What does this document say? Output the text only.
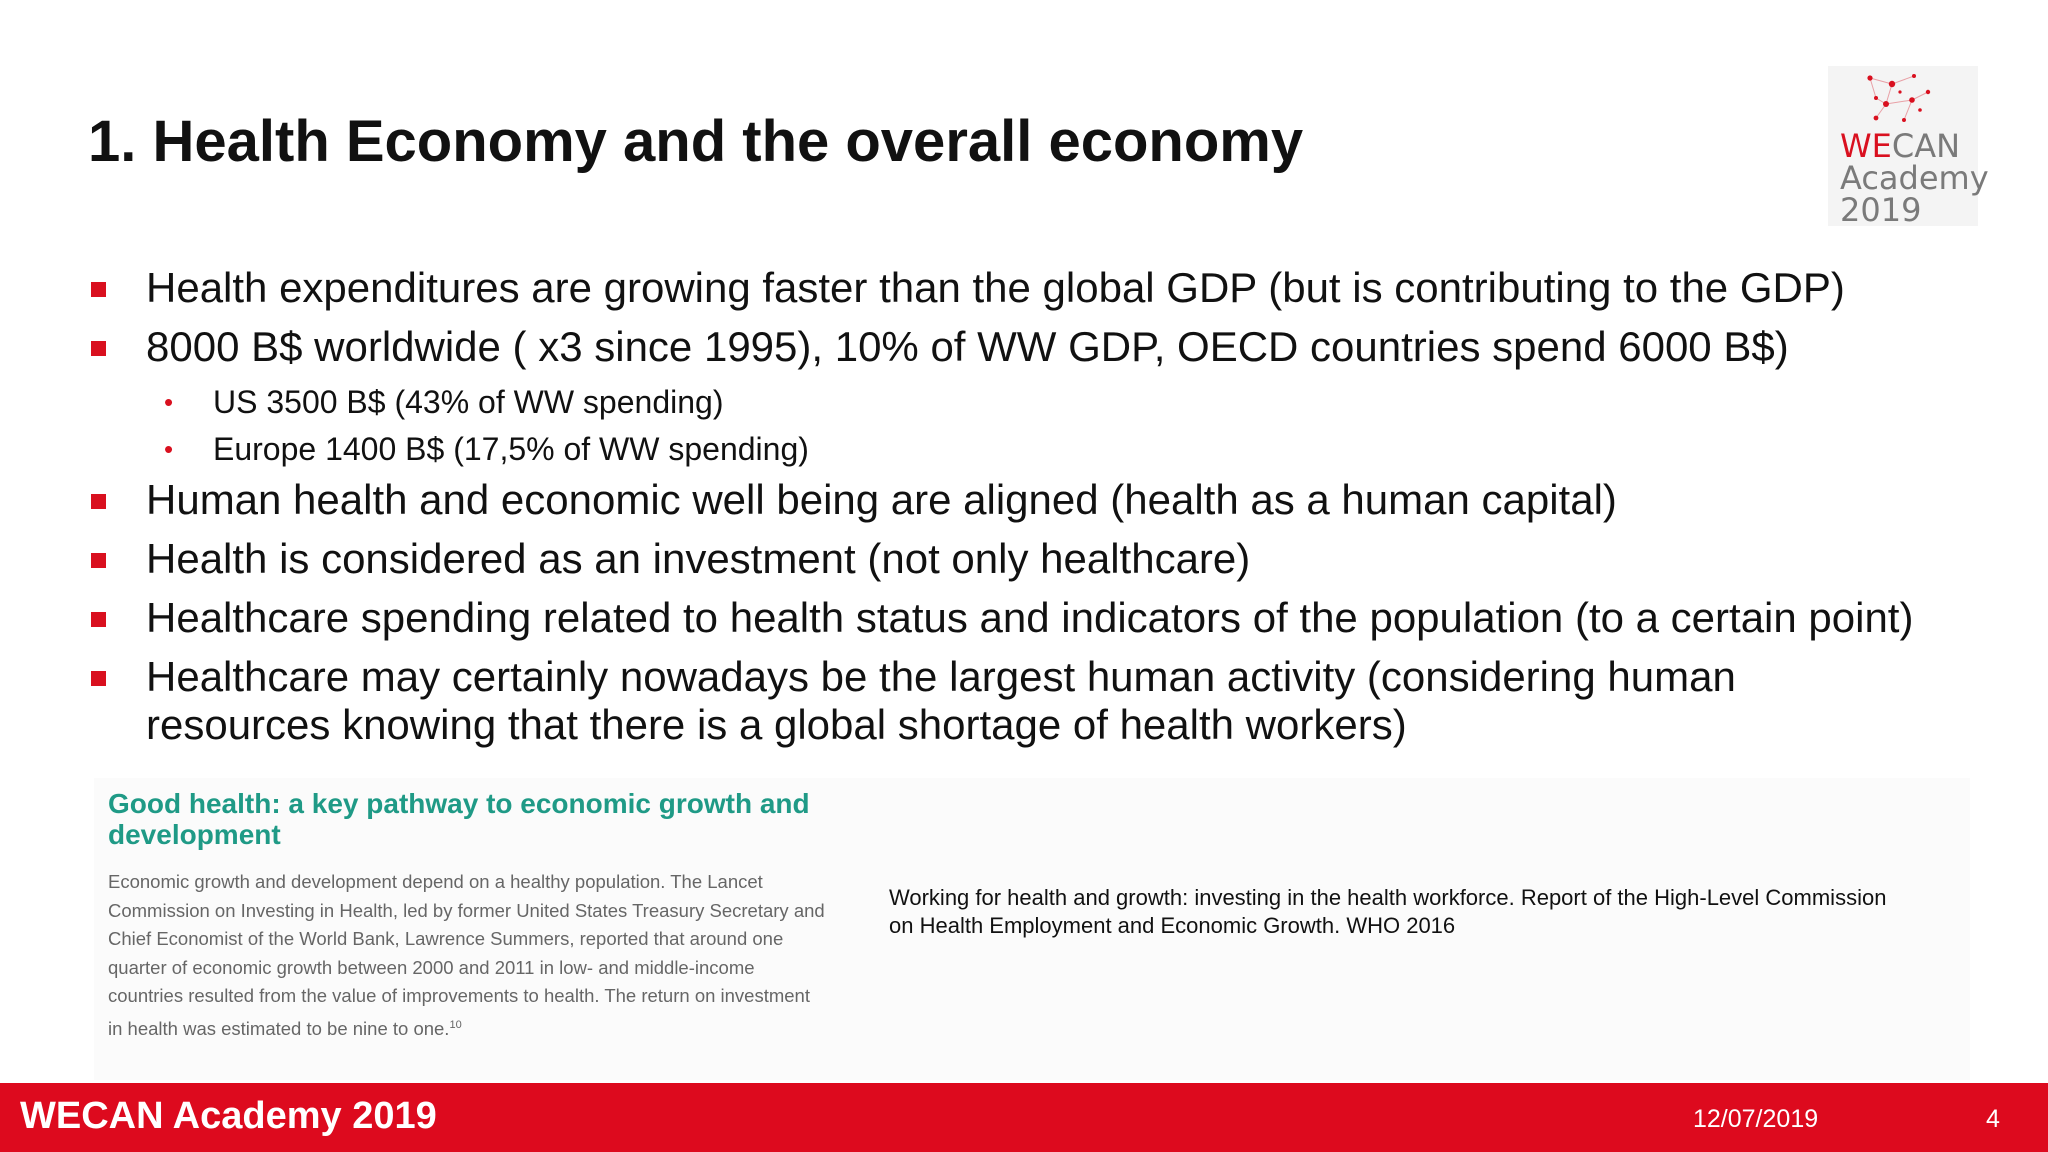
1. Health Economy and the overall economy	WECAN
Academy
2019
Health expenditures are growing faster than the global GDP (but is contributing to the GDP)
8000 B$ worldwide ( x3 since 1995), 10% of WW GDP, OECD countries spend 6000 B$)
• US 3500 B$ (43% of WW spending)
• Europe 1400 B$ (17,5% of WW spending)
Human health and economic well being are aligned (health as a human capital)
Health is considered as an investment (not only healthcare)
Healthcare spending related to health status and indicators of the population (to a certain point)
Healthcare may certainly nowadays be the largest human activity (considering human resources knowing that there is a global shortage of health workers)
Good health: a key pathway to economic growth and development
Economic growth and development depend on a healthy population. The Lancet Commission on Investing in Health, led by former United States Treasury Secretary and Chief Economist of the World Bank, Lawrence Summers, reported that around one quarter of economic growth between 2000 and 2011 in low- and middle-income countries resulted from the value of improvements to health. The return on investment in health was estimated to be nine to one.$^{10}$
Working for health and growth: investing in the health workforce. Report of the High-Level Commission on Health Employment and Economic Growth. WHO 2016
WECAN Academy 2019	12/07/2019	4
